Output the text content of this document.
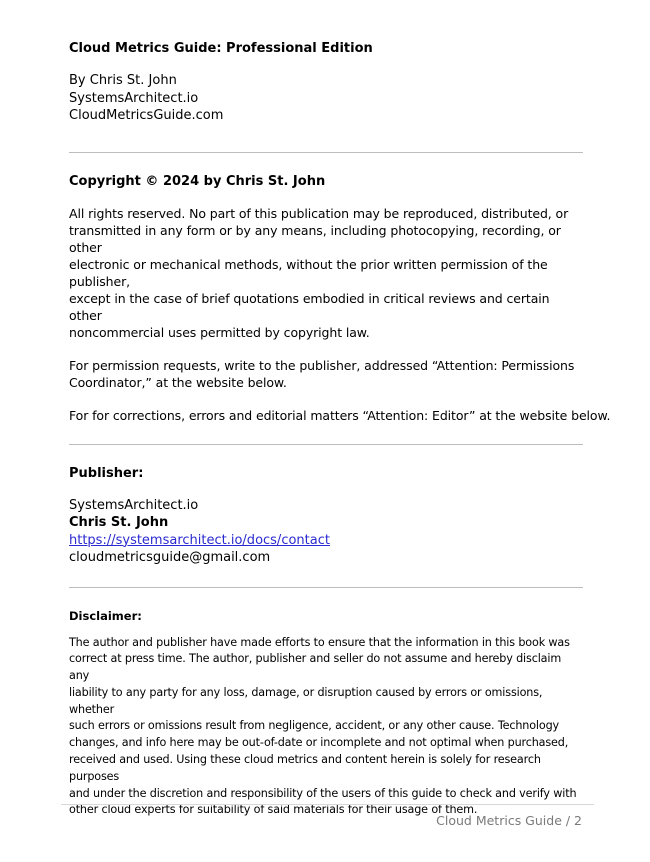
Cloud Metrics Guide: Professional Edition
By Chris St. John
SystemsArchitect.io
CloudMetricsGuide.com
Copyright © 2024 by Chris St. John
All rights reserved. No part of this publication may be reproduced, distributed, or
transmitted in any form or by any means, including photocopying, recording, or other
electronic or mechanical methods, without the prior written permission of the publisher,
except in the case of brief quotations embodied in critical reviews and certain other
noncommercial uses permitted by copyright law.
For permission requests, write to the publisher, addressed “Attention: Permissions
Coordinator,” at the website below.
For for corrections, errors and editorial matters “Attention: Editor” at the website below.
Publisher:
SystemsArchitect.io
Chris St. John
https://systemsarchitect.io/docs/contact
cloudmetricsguide@gmail.com
Disclaimer:
The author and publisher have made efforts to ensure that the information in this book was
correct at press time. The author, publisher and seller do not assume and hereby disclaim any
liability to any party for any loss, damage, or disruption caused by errors or omissions, whether
such errors or omissions result from negligence, accident, or any other cause. Technology
changes, and info here may be out-of-date or incomplete and not optimal when purchased,
received and used. Using these cloud metrics and content herein is solely for research purposes
and under the discretion and responsibility of the users of this guide to check and verify with
other cloud experts for suitability of said materials for their usage of them.
Cloud Metrics Guide / 2
